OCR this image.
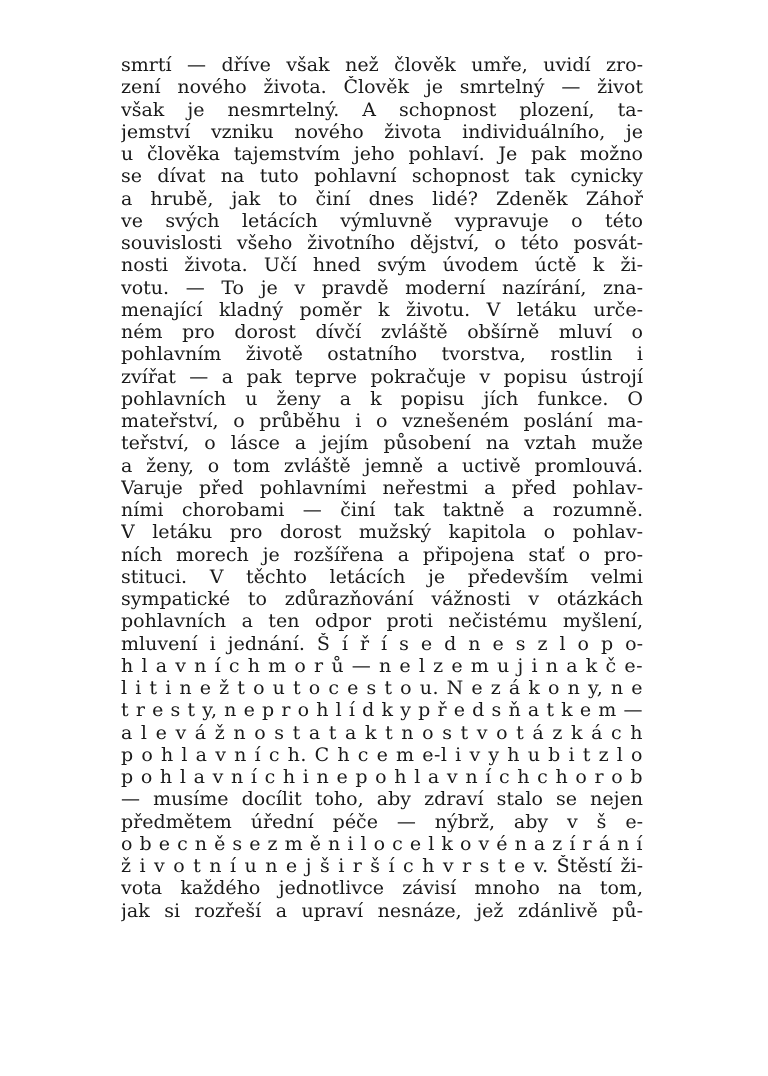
smrtí — dříve však než člověk umře, uvidí zro-
zení nového života. Člověk je smrtelný — život
však je nesmrtelný. A schopnost plození, ta-
jemství vzniku nového života individuálního, je
u člověka tajemstvím jeho pohlaví. Je pak možno
se dívat na tuto pohlavní schopnost tak cynicky
a hrubě, jak to činí dnes lidé? Zdeněk Záhoř
ve svých letácích výmluvně vypravuje o této
souvislosti všeho životního dějství, o této posvát-
nosti života. Učí hned svým úvodem úctě k ži-
votu. — To je v pravdě moderní nazírání, zna-
menající kladný poměr k životu. V letáku urče-
ném pro dorost dívčí zvláště obšírně mluví o
pohlavním životě ostatního tvorstva, rostlin i
zvířat — a pak teprve pokračuje v popisu ústrojí
pohlavních u ženy a k popisu jích funkce. O
mateřství, o průběhu i o vznešeném poslání ma-
teřství, o lásce a jejím působení na vztah muže
a ženy, o tom zvláště jemně a uctivě promlouvá.
Varuje před pohlavními neřestmi a před pohlav-
ními chorobami — činí tak taktně a rozumně.
V letáku pro dorost mužský kapitola o pohlav-
ních morech je rozšířena a připojena stať o pro-
stituci. V těchto letácích je především velmi
sympatické to zdůrazňování vážnosti v otázkách
pohlavních a ten odpor proti nečistému myšlení,
mluvení i jednání. Š í ř í s e d n e s z l o p o-
h l a v n í c h m o r ů — n e l z e m u j i n a k č e-
l i t i n e ž t o u t o c e s t o u. N e z á k o n y, n e
t r e s t y, n e p r o h l í d k y p ř e d s ň a t k e m —
a l e v á ž n o s t a t a k t n o s t v o t á z k á c h
p o h l a v n í c h. C h c e m e-l i v y h u b i t z l o
p o h l a v n í c h i n e p o h l a v n í c h c h o r o b
— musíme docílit toho, aby zdraví stalo se nejen
předmětem úřední péče — nýbrž, aby v š e-
o b e c n ě s e z m ě n i l o c e l k o v é n a z í r á n í
ž i v o t n í u n e j š i r š í c h v r s t e v. Štěstí ži-
vota každého jednotlivce závisí mnoho na tom,
jak si rozřeší a upraví nesnáze, jež zdánlivě pů-
